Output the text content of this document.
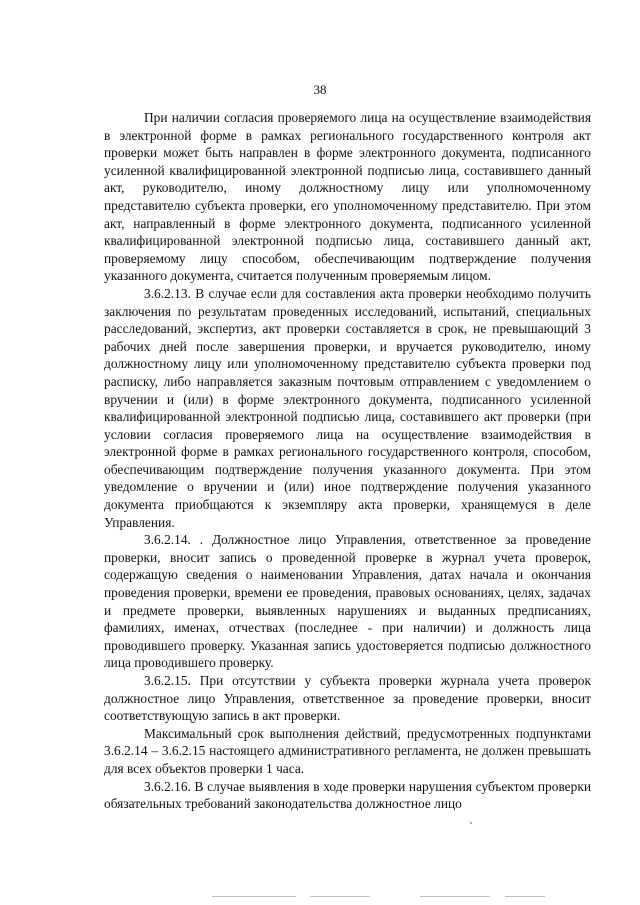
38

При наличии согласия проверяемого лица на осуществление взаимодействия в электронной форме в рамках регионального государственного контроля акт проверки может быть направлен в форме электронного документа, подписанного усиленной квалифицированной электронной подписью лица, составившего данный акт, руководителю, иному должностному лицу или уполномоченному представителю субъекта проверки, его уполномоченному представителю. При этом акт, направленный в форме электронного документа, подписанного усиленной квалифицированной электронной подписью лица, составившего данный акт, проверяемому лицу способом, обеспечивающим подтверждение получения указанного документа, считается полученным проверяемым лицом.

3.6.2.13. В случае если для составления акта проверки необходимо получить заключения по результатам проведенных исследований, испытаний, специальных расследований, экспертиз, акт проверки составляется в срок, не превышающий 3 рабочих дней после завершения проверки, и вручается руководителю, иному должностному лицу или уполномоченному представителю субъекта проверки под расписку, либо направляется заказным почтовым отправлением с уведомлением о вручении и (или) в форме электронного документа, подписанного усиленной квалифицированной электронной подписью лица, составившего акт проверки (при условии согласия проверяемого лица на осуществление взаимодействия в электронной форме в рамках регионального государственного контроля, способом, обеспечивающим подтверждение получения указанного документа. При этом уведомление о вручении и (или) иное подтверждение получения указанного документа приобщаются к экземпляру акта проверки, хранящемуся в деле Управления.

3.6.2.14. . Должностное лицо Управления, ответственное за проведение проверки, вносит запись о проведенной проверке в журнал учета проверок, содержащую сведения о наименовании Управления, датах начала и окончания проведения проверки, времени ее проведения, правовых основаниях, целях, задачах и предмете проверки, выявленных нарушениях и выданных предписаниях, фамилиях, именах, отчествах (последнее - при наличии) и должность лица проводившего проверку. Указанная запись удостоверяется подписью должностного лица проводившего проверку.

3.6.2.15. При отсутствии у субъекта проверки журнала учета проверок должностное лицо Управления, ответственное за проведение проверки, вносит соответствующую запись в акт проверки.

Максимальный срок выполнения действий, предусмотренных подпунктами 3.6.2.14 – 3.6.2.15 настоящего административного регламента, не должен превышать для всех объектов проверки 1 часа.

3.6.2.16. В случае выявления в ходе проверки нарушения субъектом проверки обязательных требований законодательства должностное лицо
